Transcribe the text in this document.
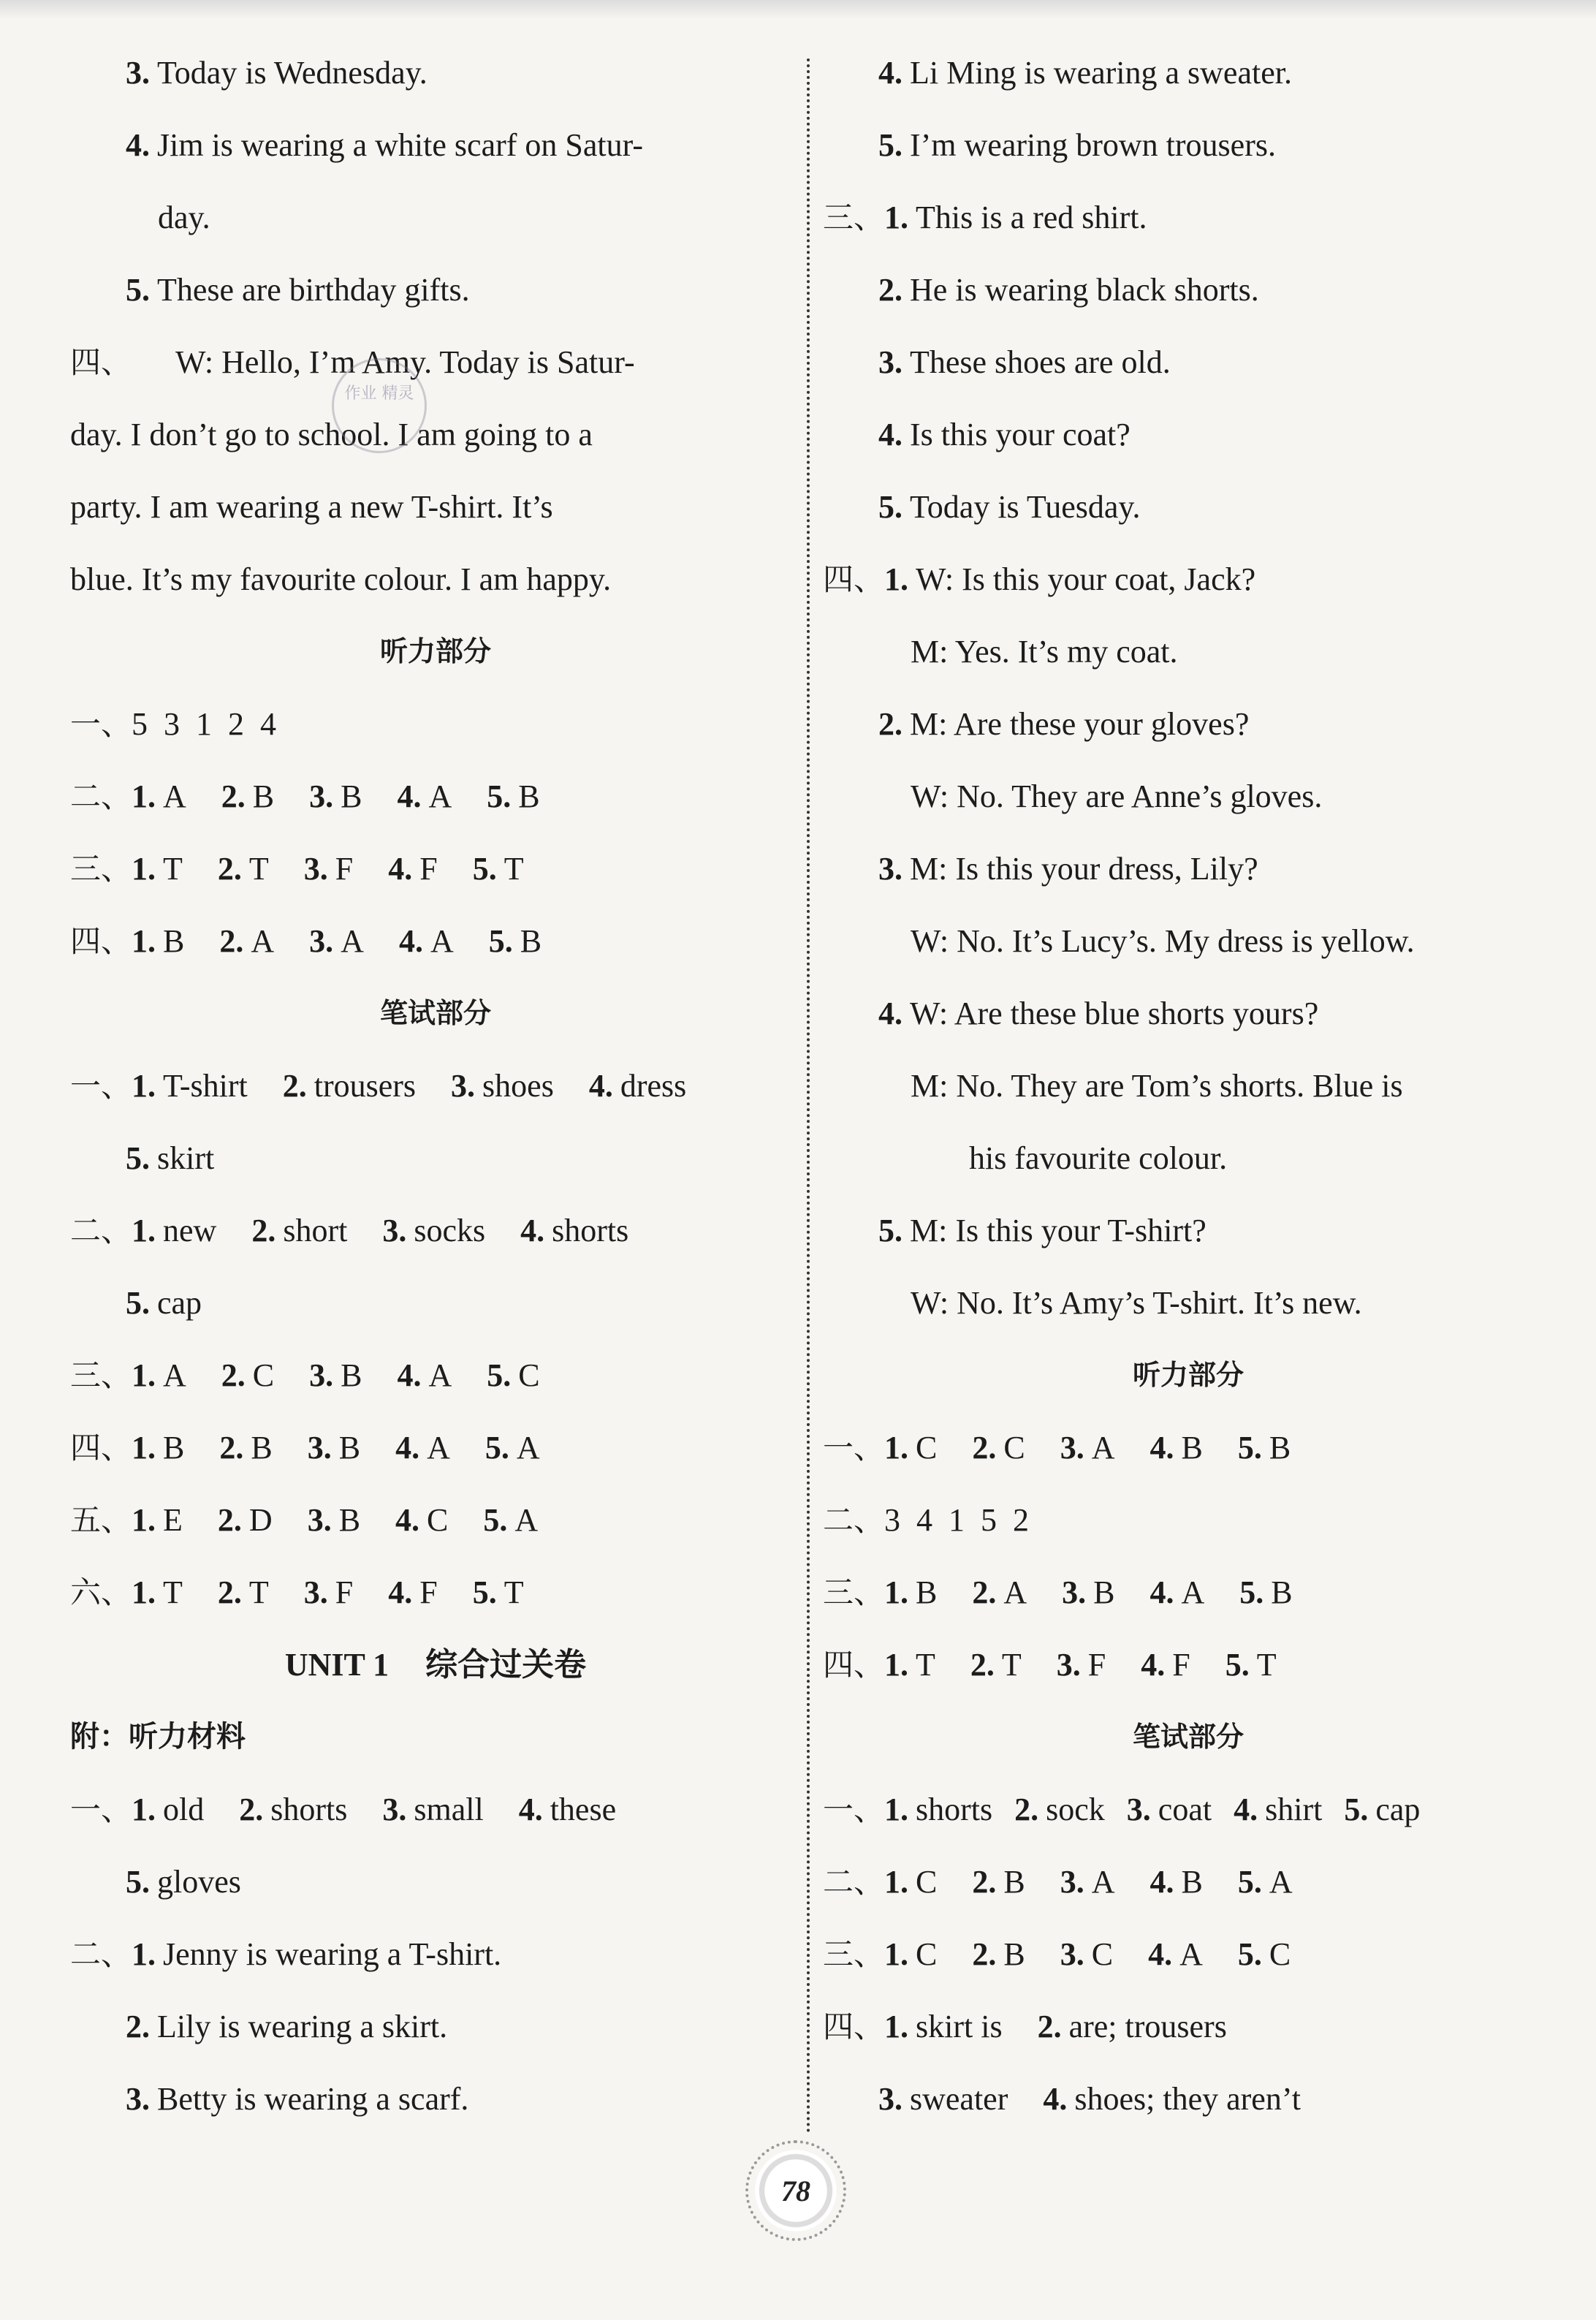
3. Today is Wednesday.
4. Jim is wearing a white scarf on Satur-
day.
5. These are birthday gifts.
四、 W: Hello, I’m Amy. Today is Satur-
day. I don’t go to school. I am going to a
party. I am wearing a new T-shirt. It’s
blue. It’s my favourite colour. I am happy.
听力部分
一、5  3  1  2  4
二、1. A 2. B 3. B 4. A 5. B
三、1. T 2. T 3. F 4. F 5. T
四、1. B 2. A 3. A 4. A 5. B
笔试部分
一、1. T-shirt 2. trousers 3. shoes 4. dress
5. skirt
二、1. new 2. short 3. socks 4. shorts
5. cap
三、1. A 2. C 3. B 4. A 5. C
四、1. B 2. B 3. B 4. A 5. A
五、1. E 2. D 3. B 4. C 5. A
六、1. T 2. T 3. F 4. F 5. T
UNIT 1 综合过关卷
附：听力材料
一、1. old 2. shorts 3. small 4. these
5. gloves
二、1. Jenny is wearing a T-shirt.
2. Lily is wearing a skirt.
3. Betty is wearing a scarf.
作业 精灵
4. Li Ming is wearing a sweater.
5. I’m wearing brown trousers.
三、1. This is a red shirt.
2. He is wearing black shorts.
3. These shoes are old.
4. Is this your coat?
5. Today is Tuesday.
四、1. W: Is this your coat, Jack?
M: Yes. It’s my coat.
2. M: Are these your gloves?
W: No. They are Anne’s gloves.
3. M: Is this your dress, Lily?
W: No. It’s Lucy’s. My dress is yellow.
4. W: Are these blue shorts yours?
M: No. They are Tom’s shorts. Blue is
his favourite colour.
5. M: Is this your T-shirt?
W: No. It’s Amy’s T-shirt. It’s new.
听力部分
一、1. C 2. C 3. A 4. B 5. B
二、3  4  1  5  2
三、1. B 2. A 3. B 4. A 5. B
四、1. T 2. T 3. F 4. F 5. T
笔试部分
一、1. shorts 2. sock 3. coat 4. shirt 5. cap
二、1. C 2. B 3. A 4. B 5. A
三、1. C 2. B 3. C 4. A 5. C
四、1. skirt is 2. are; trousers
3. sweater 4. shoes; they aren’t
78
